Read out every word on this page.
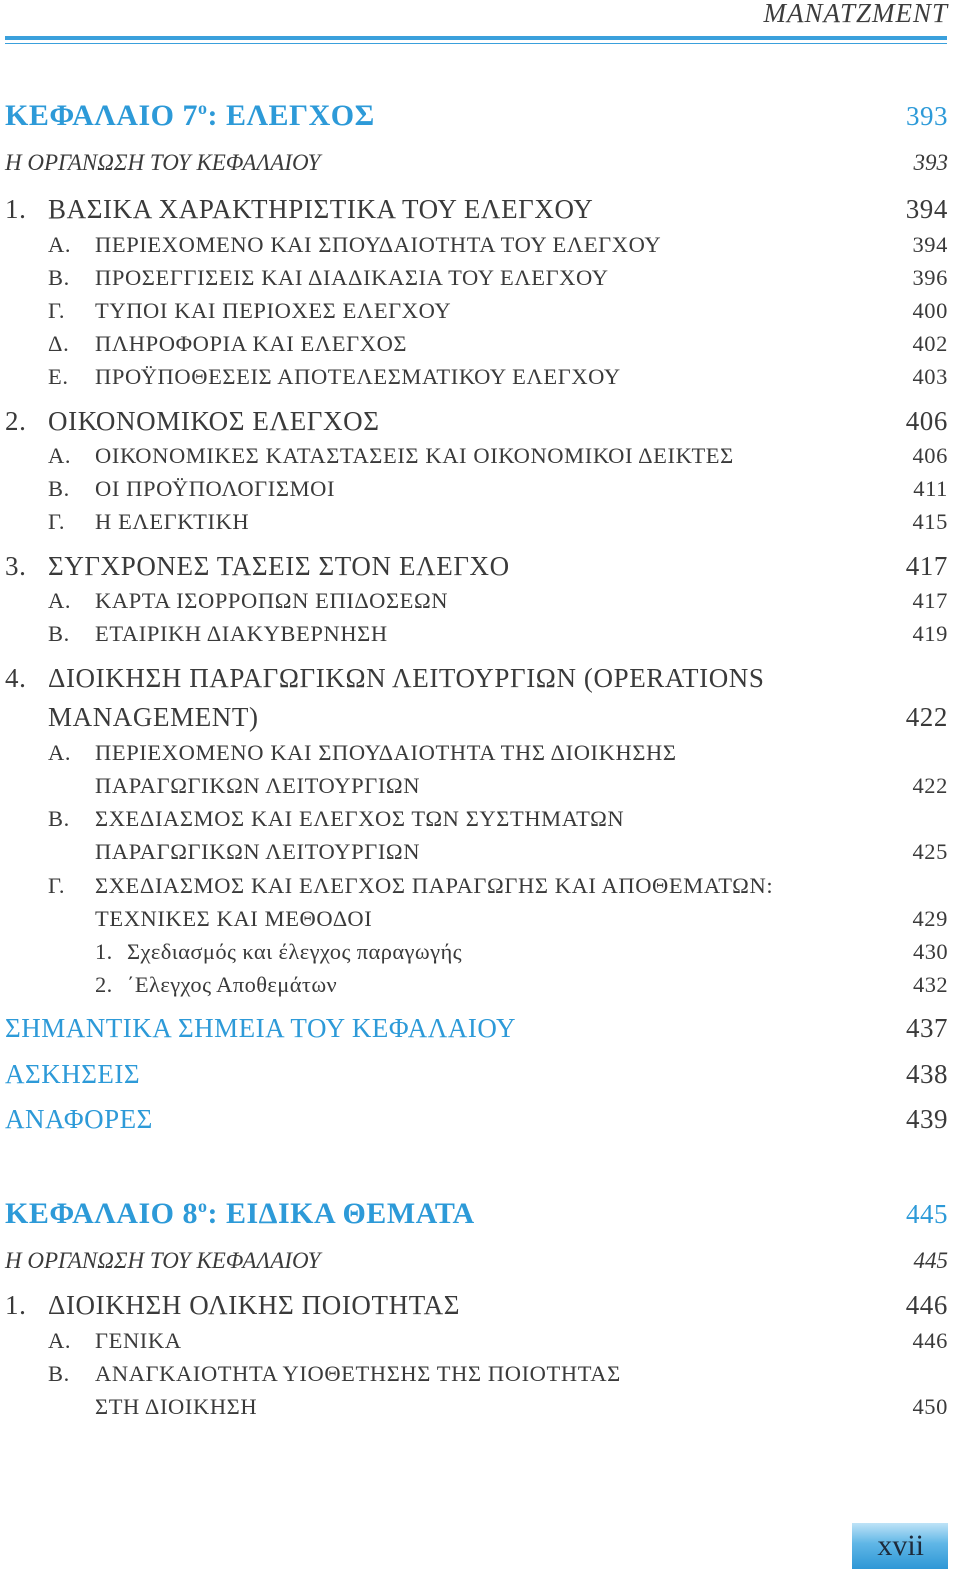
ΜΑΝΑΤΖΜΕΝΤ
ΚΕΦΑΛΑΙΟ $7^o$: ΕΛΕΓΧΟΣ	393
Η ΟΡΓΑΝΩΣΗ ΤΟΥ ΚΕΦΑΛΑΙΟΥ	393
1. ΒΑΣΙΚΑ ΧΑΡΑΚΤΗΡΙΣΤΙΚΑ ΤΟΥ ΕΛΕΓΧΟΥ	394
Α.	ΠΕΡΙΕΧΟΜΕΝΟ ΚΑΙ ΣΠΟΥΔΑΙΟΤΗΤΑ ΤΟΥ ΕΛΕΓΧΟΥ	394
Β.	ΠΡΟΣΕΓΓΙΣΕΙΣ ΚΑΙ ΔΙΑΔΙΚΑΣΙΑ ΤΟΥ ΕΛΕΓΧΟΥ	396
Γ.	ΤΥΠΟΙ ΚΑΙ ΠΕΡΙΟΧΕΣ ΕΛΕΓΧΟΥ	400
Δ.	ΠΛΗΡΟΦΟΡΙΑ ΚΑΙ ΕΛΕΓΧΟΣ	402
Ε.	ΠΡΟΫΠΟΘΕΣΕΙΣ ΑΠΟΤΕΛΕΣΜΑΤΙΚΟΥ ΕΛΕΓΧΟΥ	403
2. ΟΙΚΟΝΟΜΙΚΟΣ ΕΛΕΓΧΟΣ	406
Α.	ΟΙΚΟΝΟΜΙΚΕΣ ΚΑΤΑΣΤΑΣΕΙΣ ΚΑΙ ΟΙΚΟΝΟΜΙΚΟΙ ΔΕΙΚΤΕΣ	406
Β.	ΟΙ ΠΡΟΫΠΟΛΟΓΙΣΜΟΙ	411
Γ.	Η ΕΛΕΓΚΤΙΚΗ	415
3. ΣΥΓΧΡΟΝΕΣ ΤΑΣΕΙΣ ΣΤΟΝ ΕΛΕΓΧΟ	417
Α.	ΚΑΡΤΑ ΙΣΟΡΡΟΠΩΝ ΕΠΙΔΟΣΕΩΝ	417
Β.	ΕΤΑΙΡΙΚΗ ΔΙΑΚΥΒΕΡΝΗΣΗ	419
4. ΔΙΟΙΚΗΣΗ ΠΑΡΑΓΩΓΙΚΩΝ ΛΕΙΤΟΥΡΓΙΩΝ (OPERATIONS
MANAGEMENT)	422
Α. ΠΕΡΙΕΧΟΜΕΝΟ ΚΑΙ ΣΠΟΥΔΑΙΟΤΗΤΑ ΤΗΣ ΔΙΟΙΚΗΣΗΣ
ΠΑΡΑΓΩΓΙΚΩΝ ΛΕΙΤΟΥΡΓΙΩΝ	422
Β. ΣΧΕΔΙΑΣΜΟΣ ΚΑΙ ΕΛΕΓΧΟΣ ΤΩΝ ΣΥΣΤΗΜΑΤΩΝ
ΠΑΡΑΓΩΓΙΚΩΝ ΛΕΙΤΟΥΡΓΙΩΝ	425
Γ. ΣΧΕΔΙΑΣΜΟΣ ΚΑΙ ΕΛΕΓΧΟΣ ΠΑΡΑΓΩΓΗΣ ΚΑΙ ΑΠΟΘΕΜΑΤΩΝ:
ΤΕΧΝΙΚΕΣ ΚΑΙ ΜΕΘΟΔΟΙ	429
1. Σχεδιασμός και έλεγχος παραγωγής	430
2. ΄Ελεγχος Αποθεμάτων	432
ΣΗΜΑΝΤΙΚΑ ΣΗΜΕΙΑ ΤΟΥ ΚΕΦΑΛΑΙΟΥ	437
ΑΣΚΗΣΕΙΣ	438
ΑΝΑΦΟΡΕΣ	439
ΚΕΦΑΛΑΙΟ $8^o$: ΕΙΔΙΚΑ ΘΕΜΑΤΑ	445
Η ΟΡΓΑΝΩΣΗ ΤΟΥ ΚΕΦΑΛΑΙΟΥ	445
1. ΔΙΟΙΚΗΣΗ ΟΛΙΚΗΣ ΠΟΙΟΤΗΤΑΣ	446
Α.	ΓΕΝΙΚΑ	446
Β. ΑΝΑΓΚΑΙΟΤΗΤΑ ΥΙΟΘΕΤΗΣΗΣ ΤΗΣ ΠΟΙΟΤΗΤΑΣ
ΣΤΗ ΔΙΟΙΚΗΣΗ	450
xvii
